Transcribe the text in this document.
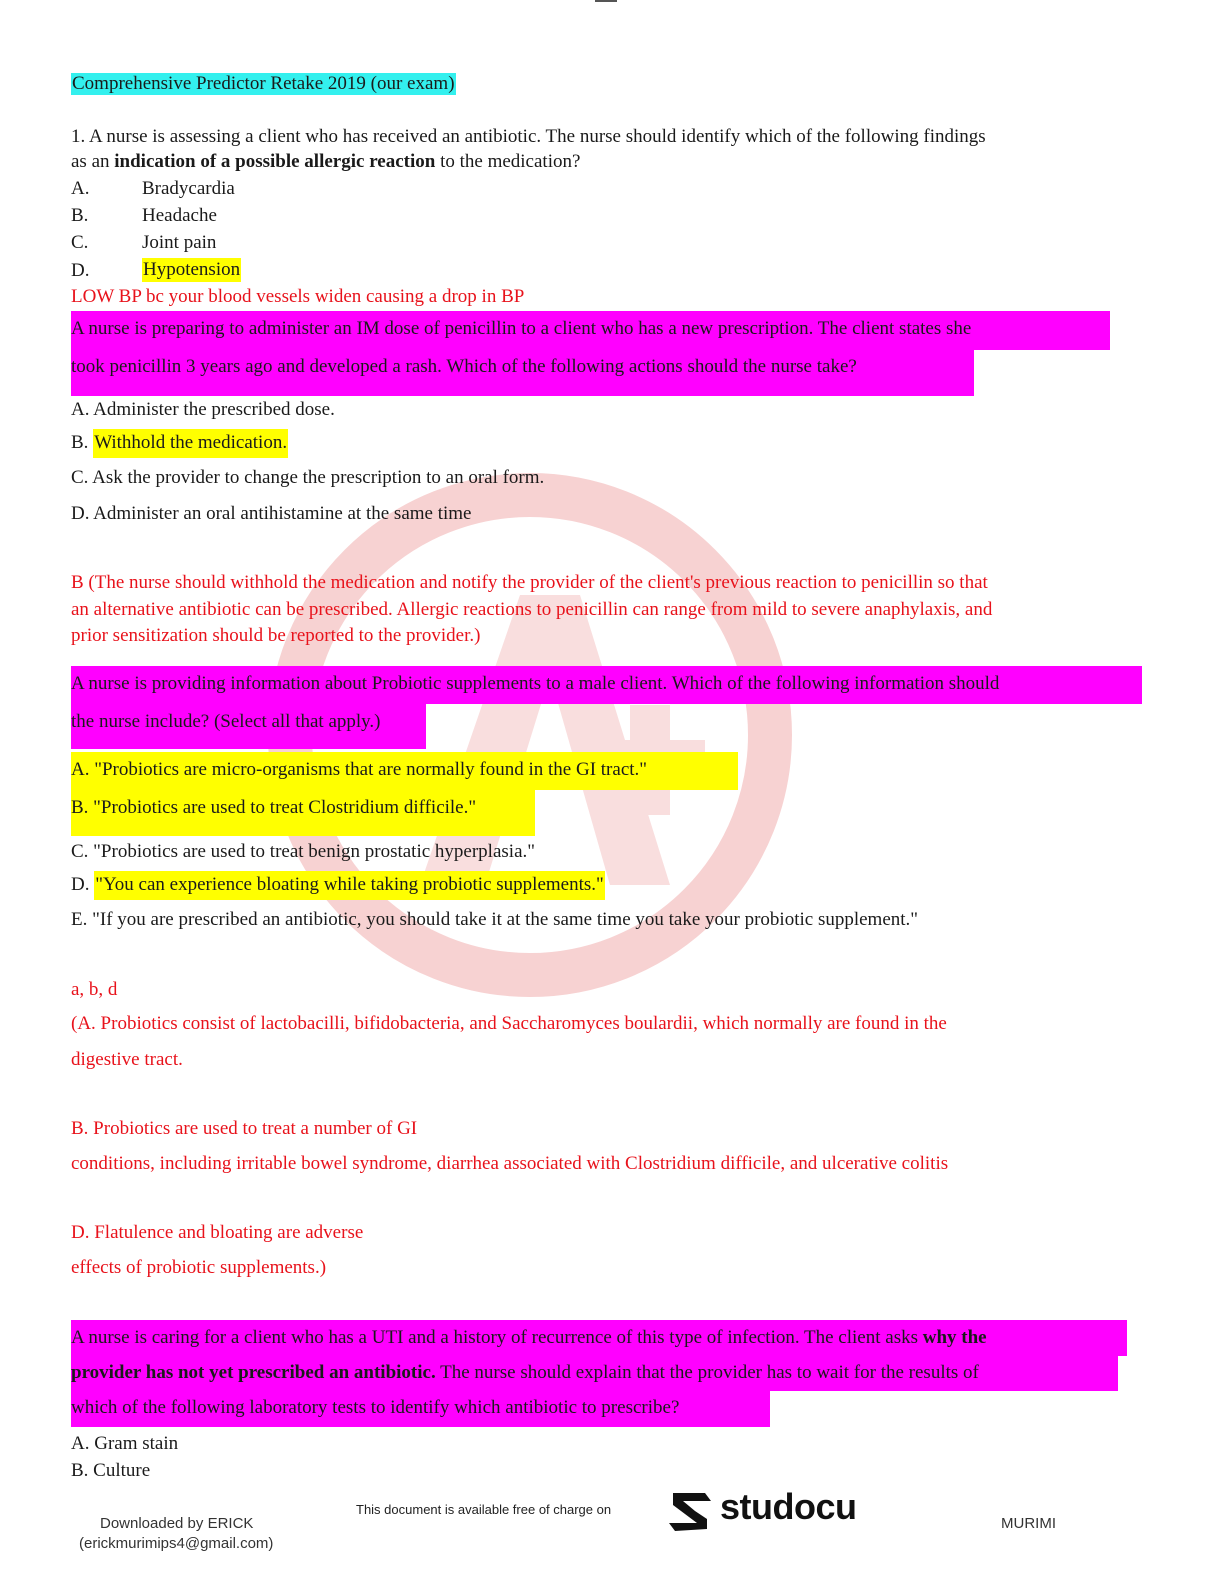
Comprehensive Predictor Retake 2019 (our exam)
1. A nurse is assessing a client who has received an antibiotic. The nurse should identify which of the following findings
as an indication of a possible allergic reaction to the medication?
A.	Bradycardia
B.	Headache
C.	Joint pain
D.	Hypotension
LOW BP bc your blood vessels widen causing a drop in BP
A nurse is preparing to administer an IM dose of penicillin to a client who has a new prescription. The client states she
took penicillin 3 years ago and developed a rash. Which of the following actions should the nurse take?
A. Administer the prescribed dose.
B. Withhold the medication.
C. Ask the provider to change the prescription to an oral form.
D. Administer an oral antihistamine at the same time
B (The nurse should withhold the medication and notify the provider of the client's previous reaction to penicillin so that
an alternative antibiotic can be prescribed. Allergic reactions to penicillin can range from mild to severe anaphylaxis, and
prior sensitization should be reported to the provider.)
A nurse is providing information about Probiotic supplements to a male client. Which of the following information should
the nurse include? (Select all that apply.)
A. "Probiotics are micro-organisms that are normally found in the GI tract."
B. "Probiotics are used to treat Clostridium difficile."
C. "Probiotics are used to treat benign prostatic hyperplasia."
D. "You can experience bloating while taking probiotic supplements."
E. "If you are prescribed an antibiotic, you should take it at the same time you take your probiotic supplement."
a, b, d
(A. Probiotics consist of lactobacilli, bifidobacteria, and Saccharomyces boulardii, which normally are found in the
digestive tract.
B. Probiotics are used to treat a number of GI
conditions, including irritable bowel syndrome, diarrhea associated with Clostridium difficile, and ulcerative colitis
D. Flatulence and bloating are adverse
effects of probiotic supplements.)
A nurse is caring for a client who has a UTI and a history of recurrence of this type of infection. The client asks why the
provider has not yet prescribed an antibiotic. The nurse should explain that the provider has to wait for the results of
which of the following laboratory tests to identify which antibiotic to prescribe?
A. Gram stain
B. Culture
Downloaded by ERICK
(erickmurimips4@gmail.com)
This document is available free of charge on	studocu	MURIMI
